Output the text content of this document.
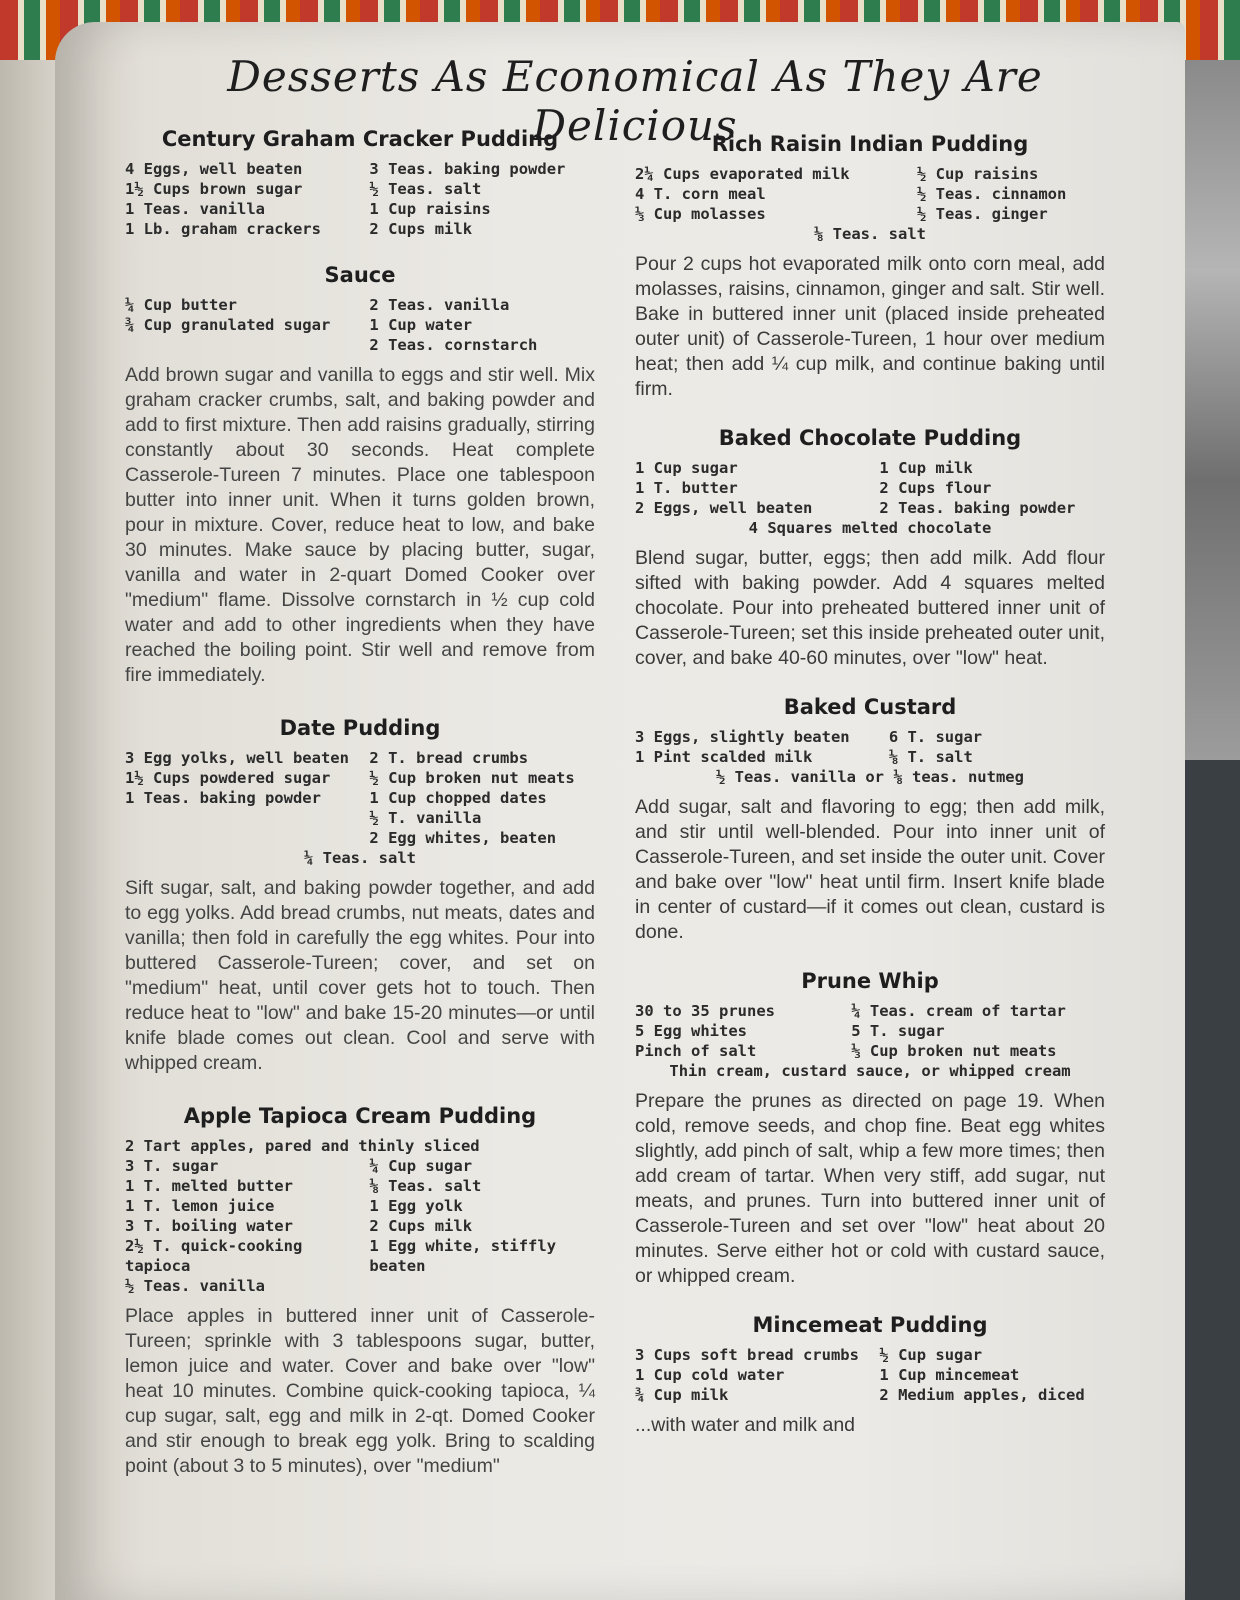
Desserts As Economical As They Are Delicious
Century Graham Cracker Pudding
4 Eggs, well beaten
1½ Cups brown sugar
1 Teas. vanilla
1 Lb. graham crackers
3 Teas. baking powder
½ Teas. salt
1 Cup raisins
2 Cups milk
Sauce
¼ Cup butter
¾ Cup granulated sugar
2 Teas. vanilla
1 Cup water
2 Teas. cornstarch
Add brown sugar and vanilla to eggs and stir well. Mix graham cracker crumbs, salt, and baking powder and add to first mixture. Then add raisins gradually, stirring constantly about 30 seconds. Heat complete Casserole-Tureen 7 minutes. Place one tablespoon butter into inner unit. When it turns golden brown, pour in mixture. Cover, reduce heat to low, and bake 30 minutes. Make sauce by placing butter, sugar, vanilla and water in 2-quart Domed Cooker over "medium" flame. Dissolve cornstarch in ½ cup cold water and add to other ingredients when they have reached the boiling point. Stir well and remove from fire immediately.
Date Pudding
3 Egg yolks, well beaten
1½ Cups powdered sugar
1 Teas. baking powder
2 T. bread crumbs
½ Cup broken nut meats
1 Cup chopped dates
½ T. vanilla
2 Egg whites, beaten
¼ Teas. salt
Sift sugar, salt, and baking powder together, and add to egg yolks. Add bread crumbs, nut meats, dates and vanilla; then fold in carefully the egg whites. Pour into buttered Casserole-Tureen; cover, and set on "medium" heat, until cover gets hot to touch. Then reduce heat to "low" and bake 15-20 minutes—or until knife blade comes out clean. Cool and serve with whipped cream.
Apple Tapioca Cream Pudding
2 Tart apples, pared and thinly sliced
3 T. sugar
1 T. melted butter
1 T. lemon juice
3 T. boiling water
2½ T. quick-cooking tapioca
½ Teas. vanilla
¼ Cup sugar
⅛ Teas. salt
1 Egg yolk
2 Cups milk
1 Egg white, stiffly beaten
Place apples in buttered inner unit of Casserole-Tureen; sprinkle with 3 tablespoons sugar, butter, lemon juice and water. Cover and bake over "low" heat 10 minutes. Combine quick-cooking tapioca, ¼ cup sugar, salt, egg and milk in 2-qt. Domed Cooker and stir enough to break egg yolk. Bring to scalding point (about 3 to 5 minutes), over "medium"
Rich Raisin Indian Pudding
2¼ Cups evaporated milk
4 T. corn meal
⅓ Cup molasses
½ Cup raisins
½ Teas. cinnamon
½ Teas. ginger
⅛ Teas. salt
Pour 2 cups hot evaporated milk onto corn meal, add molasses, raisins, cinnamon, ginger and salt. Stir well. Bake in buttered inner unit (placed inside preheated outer unit) of Casserole-Tureen, 1 hour over medium heat; then add ¼ cup milk, and continue baking until firm.
Baked Chocolate Pudding
1 Cup sugar
1 T. butter
2 Eggs, well beaten
1 Cup milk
2 Cups flour
2 Teas. baking powder
4 Squares melted chocolate
Blend sugar, butter, eggs; then add milk. Add flour sifted with baking powder. Add 4 squares melted chocolate. Pour into preheated buttered inner unit of Casserole-Tureen; set this inside preheated outer unit, cover, and bake 40-60 minutes, over "low" heat.
Baked Custard
3 Eggs, slightly beaten
1 Pint scalded milk
6 T. sugar
⅛ T. salt
½ Teas. vanilla or ⅛ teas. nutmeg
Add sugar, salt and flavoring to egg; then add milk, and stir until well-blended. Pour into inner unit of Casserole-Tureen, and set inside the outer unit. Cover and bake over "low" heat until firm. Insert knife blade in center of custard—if it comes out clean, custard is done.
Prune Whip
30 to 35 prunes
5 Egg whites
Pinch of salt
¼ Teas. cream of tartar
5 T. sugar
⅓ Cup broken nut meats
Thin cream, custard sauce, or whipped cream
Prepare the prunes as directed on page 19. When cold, remove seeds, and chop fine. Beat egg whites slightly, add pinch of salt, whip a few more times; then add cream of tartar. When very stiff, add sugar, nut meats, and prunes. Turn into buttered inner unit of Casserole-Tureen and set over "low" heat about 20 minutes. Serve either hot or cold with custard sauce, or whipped cream.
Mincemeat Pudding
3 Cups soft bread crumbs
1 Cup cold water
¾ Cup milk
½ Cup sugar
1 Cup mincemeat
2 Medium apples, diced
...with water and milk and
